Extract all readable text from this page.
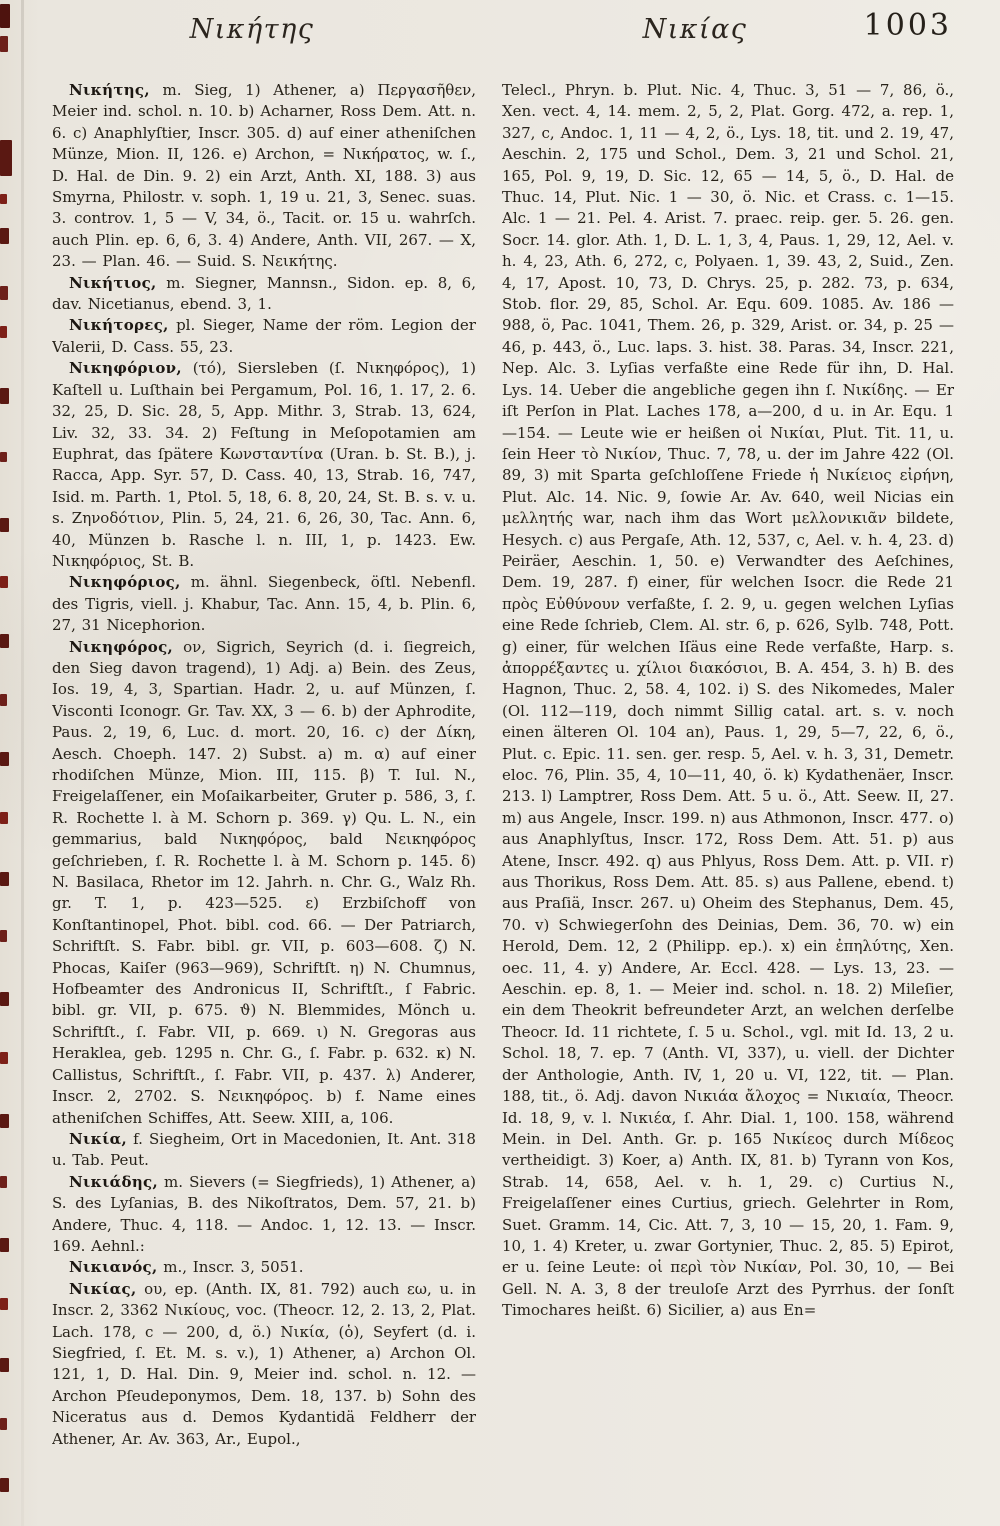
Νικήτης	Νικίας	1003

Νικήτης, m. Sieg, 1) Athener, a) Περγασῆθεν, Meier ind. schol. n. 10. b) Acharner, Ross Dem. Att. n. 6. c) Anaphlyſtier, Inscr. 305. d) auf einer atheniſchen Münze, Mion. II, 126. e) Archon, = Νικήρατος, w. ſ., D. Hal. de Din. 9. 2) ein Arzt, Anth. XI, 188. 3) aus Smyrna, Philostr. v. soph. 1, 19 u. 21, 3, Senec. suas. 3. controv. 1, 5 — V, 34, ö., Tacit. or. 15 u. wahrſch. auch Plin. ep. 6, 6, 3. 4) Andere, Anth. VII, 267. — X, 23. — Plan. 46. — Suid. S. Νεικήτης.

Νικήτιος, m. Siegner, Mannsn., Sidon. ep. 8, 6, dav. Nicetianus, ebend. 3, 1.

Νικήτορες, pl. Sieger, Name der röm. Legion der Valerii, D. Cass. 55, 23.

Νικηφόριον, (τό), Siersleben (ſ. Νικηφόρος), 1) Kaſtell u. Luſthain bei Pergamum, Pol. 16, 1. 17, 2. 6. 32, 25, D. Sic. 28, 5, App. Mithr. 3, Strab. 13, 624, Liv. 32, 33. 34. 2) Feſtung in Meſopotamien am Euphrat, das ſpätere Κωνσταντίνα (Uran. b. St. B.), j. Racca, App. Syr. 57, D. Cass. 40, 13, Strab. 16, 747, Isid. m. Parth. 1, Ptol. 5, 18, 6. 8, 20, 24, St. B. s. v. u. s. Ζηνοδότιον, Plin. 5, 24, 21. 6, 26, 30, Tac. Ann. 6, 40, Münzen b. Rasche l. n. III, 1, p. 1423. Ew. Νικηφόριος, St. B.

Νικηφόριος, m. ähnl. Siegenbeck, öſtl. Nebenfl. des Tigris, viell. j. Khabur, Tac. Ann. 15, 4, b. Plin. 6, 27, 31 Nicephorion.

Νικηφόρος, ον, Sigrich, Seyrich (d. i. ſiegreich, den Sieg davon tragend), 1) Adj. a) Bein. des Zeus, Ios. 19, 4, 3, Spartian. Hadr. 2, u. auf Münzen, ſ. Visconti Iconogr. Gr. Tav. XX, 3 — 6. b) der Aphrodite, Paus. 2, 19, 6, Luc. d. mort. 20, 16. c) der Δίκη, Aesch. Choeph. 147. 2) Subst. a) m. α) auf einer rhodiſchen Münze, Mion. III, 115. β) T. Iul. N., Freigelaſſener, ein Moſaikarbeiter, Gruter p. 586, 3, ſ. R. Rochette l. à M. Schorn p. 369. γ) Qu. L. N., ein gemmarius, bald Νικηφόρος, bald Νεικηφόρος geſchrieben, ſ. R. Rochette l. à M. Schorn p. 145. δ) N. Basilaca, Rhetor im 12. Jahrh. n. Chr. G., Walz Rh. gr. T. 1, p. 423—525. ε) Erzbiſchoff von Konſtantinopel, Phot. bibl. cod. 66. — Der Patriarch, Schriftſt. S. Fabr. bibl. gr. VII, p. 603—608. ζ) N. Phocas, Kaiſer (963—969), Schriftſt. η) N. Chumnus, Hofbeamter des Andronicus II, Schriftſt., ſ Fabric. bibl. gr. VII, p. 675. ϑ) N. Blemmides, Mönch u. Schriftſt., ſ. Fabr. VII, p. 669. ι) N. Gregoras aus Heraklea, geb. 1295 n. Chr. G., ſ. Fabr. p. 632. κ) N. Callistus, Schriftſt., ſ. Fabr. VII, p. 437. λ) Anderer, Inscr. 2, 2702. S. Νεικηφόρος. b) f. Name eines atheniſchen Schiffes, Att. Seew. XIII, a, 106.

Νικία, f. Siegheim, Ort in Macedonien, It. Ant. 318 u. Tab. Peut.

Νικιάδης, m. Sievers (= Siegfrieds), 1) Athener, a) S. des Lyſanias, B. des Nikoſtratos, Dem. 57, 21. b) Andere, Thuc. 4, 118. — Andoc. 1, 12. 13. — Inscr. 169. Aehnl.:

Νικιανός, m., Inscr. 3, 5051.

Νικίας, ου, ep. (Anth. IX, 81. 792) auch εω, u. in Inscr. 2, 3362 Νικίους, voc. (Theocr. 12, 2. 13, 2, Plat. Lach. 178, c — 200, d, ö.) Νικία, (ὁ), Seyfert (d. i. Siegfried, ſ. Et. M. s. v.), 1) Athener, a) Archon Ol. 121, 1, D. Hal. Din. 9, Meier ind. schol. n. 12. — Archon Pſeudeponymos, Dem. 18, 137. b) Sohn des Niceratus aus d. Demos Kydantidä Feldherr der Athener, Ar. Av. 363, Ar., Eupol.,

Telecl., Phryn. b. Plut. Nic. 4, Thuc. 3, 51 — 7, 86, ö., Xen. vect. 4, 14. mem. 2, 5, 2, Plat. Gorg. 472, a. rep. 1, 327, c, Andoc. 1, 11 — 4, 2, ö., Lys. 18, tit. und 2. 19, 47, Aeschin. 2, 175 und Schol., Dem. 3, 21 und Schol. 21, 165, Pol. 9, 19, D. Sic. 12, 65 — 14, 5, ö., D. Hal. de Thuc. 14, Plut. Nic. 1 — 30, ö. Nic. et Crass. c. 1—15. Alc. 1 — 21. Pel. 4. Arist. 7. praec. reip. ger. 5. 26. gen. Socr. 14. glor. Ath. 1, D. L. 1, 3, 4, Paus. 1, 29, 12, Ael. v. h. 4, 23, Ath. 6, 272, c, Polyaen. 1, 39. 43, 2, Suid., Zen. 4, 17, Apost. 10, 73, D. Chrys. 25, p. 282. 73, p. 634, Stob. flor. 29, 85, Schol. Ar. Equ. 609. 1085. Av. 186 — 988, ö, Pac. 1041, Them. 26, p. 329, Arist. or. 34, p. 25 — 46, p. 443, ö., Luc. laps. 3. hist. 38. Paras. 34, Inscr. 221, Nep. Alc. 3. Lyſias verfaßte eine Rede für ihn, D. Hal. Lys. 14. Ueber die angebliche gegen ihn ſ. Νικίδης. — Er iſt Perſon in Plat. Laches 178, a—200, d u. in Ar. Equ. 1 —154. — Leute wie er heißen οἱ Νικίαι, Plut. Tit. 11, u. ſein Heer τὸ Νικίον, Thuc. 7, 78, u. der im Jahre 422 (Ol. 89, 3) mit Sparta geſchloſſene Friede ἡ Νικίειος εἰρήνη, Plut. Alc. 14. Nic. 9, ſowie Ar. Av. 640, weil Nicias ein μελλητής war, nach ihm das Wort μελλονικιᾶν bildete, Hesych. c) aus Pergaſe, Ath. 12, 537, c, Ael. v. h. 4, 23. d) Peiräer, Aeschin. 1, 50. e) Verwandter des Aeſchines, Dem. 19, 287. f) einer, für welchen Isocr. die Rede 21 πρὸς Εὐθύνουν verfaßte, ſ. 2. 9, u. gegen welchen Lyſias eine Rede ſchrieb, Clem. Al. str. 6, p. 626, Sylb. 748, Pott. g) einer, für welchen Iſäus eine Rede verfaßte, Harp. s. ἀπορρέξαντες u. χίλιοι διακόσιοι, B. A. 454, 3. h) B. des Hagnon, Thuc. 2, 58. 4, 102. i) S. des Nikomedes, Maler (Ol. 112—119, doch nimmt Sillig catal. art. s. v. noch einen älteren Ol. 104 an), Paus. 1, 29, 5—7, 22, 6, ö., Plut. c. Epic. 11. sen. ger. resp. 5, Ael. v. h. 3, 31, Demetr. eloc. 76, Plin. 35, 4, 10—11, 40, ö. k) Kydathenäer, Inscr. 213. l) Lamptrer, Ross Dem. Att. 5 u. ö., Att. Seew. II, 27. m) aus Angele, Inscr. 199. n) aus Athmonon, Inscr. 477. o) aus Anaphlyſtus, Inscr. 172, Ross Dem. Att. 51. p) aus Atene, Inscr. 492. q) aus Phlyus, Ross Dem. Att. p. VII. r) aus Thorikus, Ross Dem. Att. 85. s) aus Pallene, ebend. t) aus Praſiä, Inscr. 267. u) Oheim des Stephanus, Dem. 45, 70. v) Schwiegerſohn des Deinias, Dem. 36, 70. w) ein Herold, Dem. 12, 2 (Philipp. ep.). x) ein ἐπηλύτης, Xen. oec. 11, 4. y) Andere, Ar. Eccl. 428. — Lys. 13, 23. — Aeschin. ep. 8, 1. — Meier ind. schol. n. 18. 2) Mileſier, ein dem Theokrit befreundeter Arzt, an welchen derſelbe Theocr. Id. 11 richtete, ſ. 5 u. Schol., vgl. mit Id. 13, 2 u. Schol. 18, 7. ep. 7 (Anth. VI, 337), u. viell. der Dichter der Anthologie, Anth. IV, 1, 20 u. VI, 122, tit. — Plan. 188, tit., ö. Adj. davon Νικιάα ἄλοχος = Νικιαία, Theocr. Id. 18, 9, v. l. Νικιέα, ſ. Ahr. Dial. 1, 100. 158, während Mein. in Del. Anth. Gr. p. 165 Νικίεος durch Μίδεος vertheidigt. 3) Koer, a) Anth. IX, 81. b) Tyrann von Kos, Strab. 14, 658, Ael. v. h. 1, 29. c) Curtius N., Freigelaſſener eines Curtius, griech. Gelehrter in Rom, Suet. Gramm. 14, Cic. Att. 7, 3, 10 — 15, 20, 1. Fam. 9, 10, 1. 4) Kreter, u. zwar Gortynier, Thuc. 2, 85. 5) Epirot, er u. ſeine Leute: οἱ περὶ τὸν Νικίαν, Pol. 30, 10, — Bei Gell. N. A. 3, 8 der treuloſe Arzt des Pyrrhus. der ſonſt Timochares heißt. 6) Sicilier, a) aus En=
